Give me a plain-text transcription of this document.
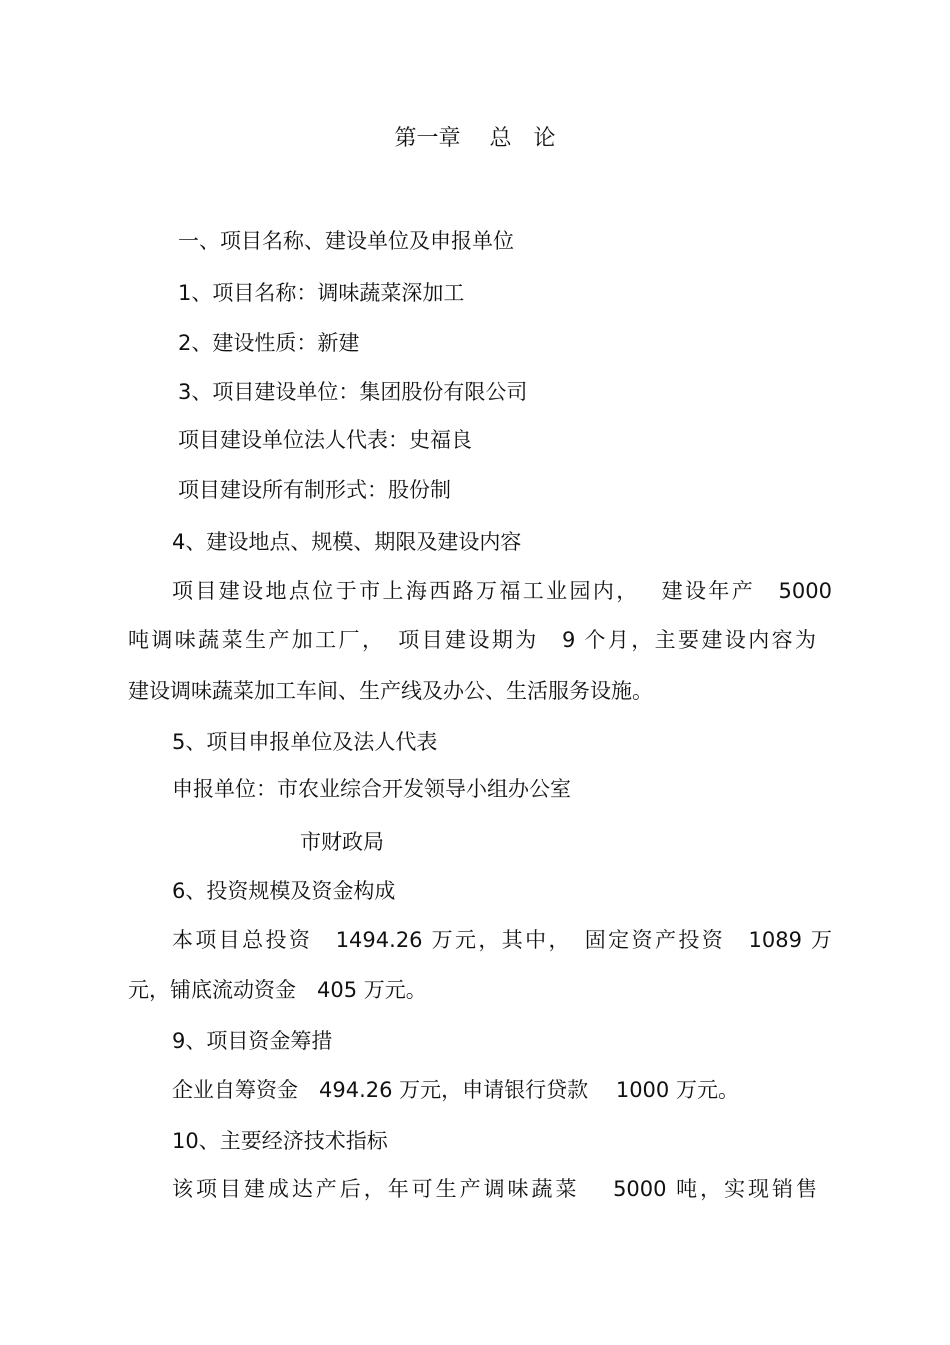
第一章　 总　论
一、项目名称、建设单位及申报单位
1、项目名称：调味蔬菜深加工
2、建设性质：新建
3、项目建设单位：集团股份有限公司
项目建设单位法人代表：史福良
项目建设所有制形式：股份制
4、建设地点、规模、期限及建设内容
项目建设地点位于市上海西路万福工业园内，　 建设年产　5000
吨调味蔬菜生产加工厂，　项目建设期为　9 个月，主要建设内容为
建设调味蔬菜加工车间、生产线及办公、生活服务设施。
5、项目申报单位及法人代表
申报单位：市农业综合开发领导小组办公室
市财政局
6、投资规模及资金构成
本项目总投资　1494.26 万元，其中，　固定资产投资　1089 万
元，铺底流动资金　405 万元。
9、项目资金筹措
企业自筹资金　494.26 万元，申请银行贷款　 1000 万元。
10、主要经济技术指标
该项目建成达产后，年可生产调味蔬菜　 5000 吨，实现销售
